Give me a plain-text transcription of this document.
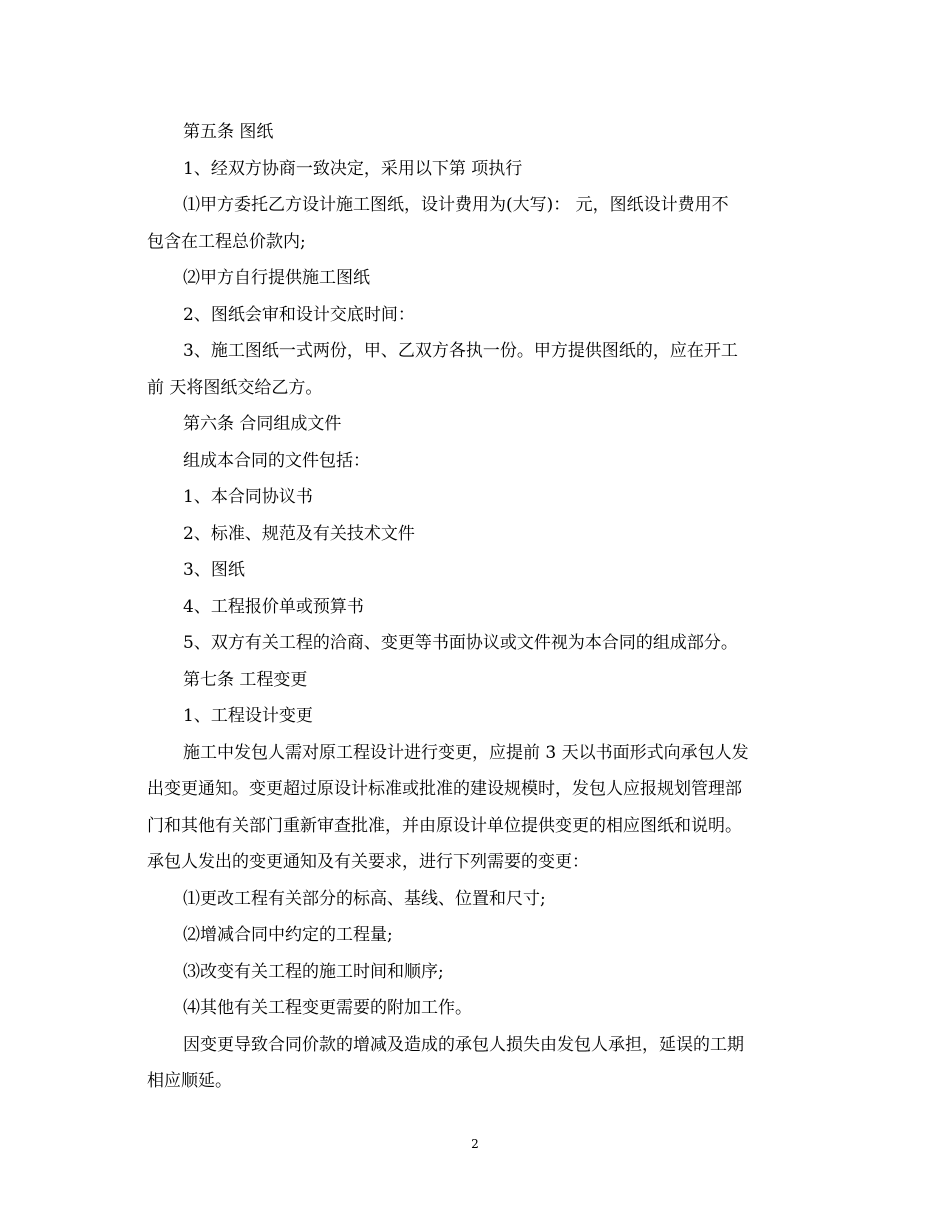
第五条 图纸
1、经双方协商一致决定，采用以下第 项执行
⑴甲方委托乙方设计施工图纸，设计费用为(大写)： 元，图纸设计费用不
包含在工程总价款内;
⑵甲方自行提供施工图纸
2、图纸会审和设计交底时间：
3、施工图纸一式两份，甲、乙双方各执一份。甲方提供图纸的，应在开工
前 天将图纸交给乙方。
第六条 合同组成文件
组成本合同的文件包括：
1、本合同协议书
2、标准、规范及有关技术文件
3、图纸
4、工程报价单或预算书
5、双方有关工程的洽商、变更等书面协议或文件视为本合同的组成部分。
第七条 工程变更
1、工程设计变更
施工中发包人需对原工程设计进行变更，应提前 3 天以书面形式向承包人发
出变更通知。变更超过原设计标准或批准的建设规模时，发包人应报规划管理部
门和其他有关部门重新审查批准，并由原设计单位提供变更的相应图纸和说明。
承包人发出的变更通知及有关要求，进行下列需要的变更：
⑴更改工程有关部分的标高、基线、位置和尺寸;
⑵增减合同中约定的工程量;
⑶改变有关工程的施工时间和顺序;
⑷其他有关工程变更需要的附加工作。
因变更导致合同价款的增减及造成的承包人损失由发包人承担，延误的工期
相应顺延。
2
